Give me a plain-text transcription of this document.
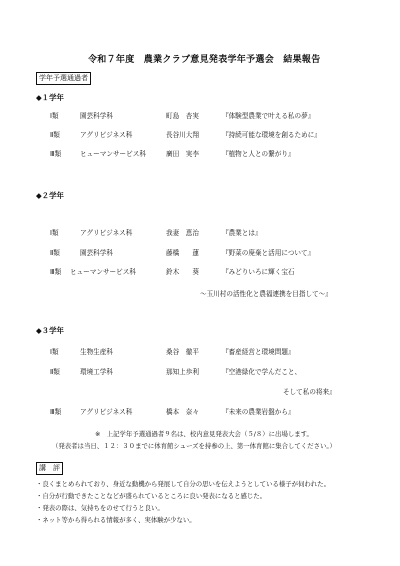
令和７年度　農業クラブ意見発表学年予選会　結果報告
学年予選通過者
◆１学年
Ⅰ類	園芸科学科	町島　杏実	『体験型農業で叶える私の夢』
Ⅱ類	アグリビジネス科	長谷川大翔	『持続可能な環境を創るために』
Ⅲ類	ヒューマンサービス科	廣田　実李	『植物と人との繋がり』
◆２学年
Ⅰ類	アグリビジネス科	我妻　恵治	『農業とは』
Ⅱ類	園芸科学科	藤橋　　蓮	『野菜の廃棄と活用について』
Ⅲ類 ヒューマンサービス科	鈴木　　葵	『みどりいろに輝く宝石
〜玉川村の活性化と農福連携を目指して〜』
◆３学年
Ⅰ類	生物生産科	桑谷　徹平	『畜産経営と環境問題』
Ⅱ類	環境工学科	那知上歩利	『空港緑化で学んだこと、
そして私の将来』
Ⅲ類	アグリビジネス科	橋本　奈々	『未来の農業岩盤から』
※　上記学年予選通過者９名は、校内意見発表大会（５/８）に出場します。
（発表者は当日、１２：３０までに体育館シューズを持参の上、第一体育館に集合してください。）
講　評
・良くまとめられており、身近な動機から発展して自分の思いを伝えようとしている様子が伺われた。
・自分が行動できたことなどが盛られているところに良い発表になると感じた。
・発表の際は、気持ちをのせて行うと良い。
・ネット等から得られる情報が多く、実体験が少ない。
